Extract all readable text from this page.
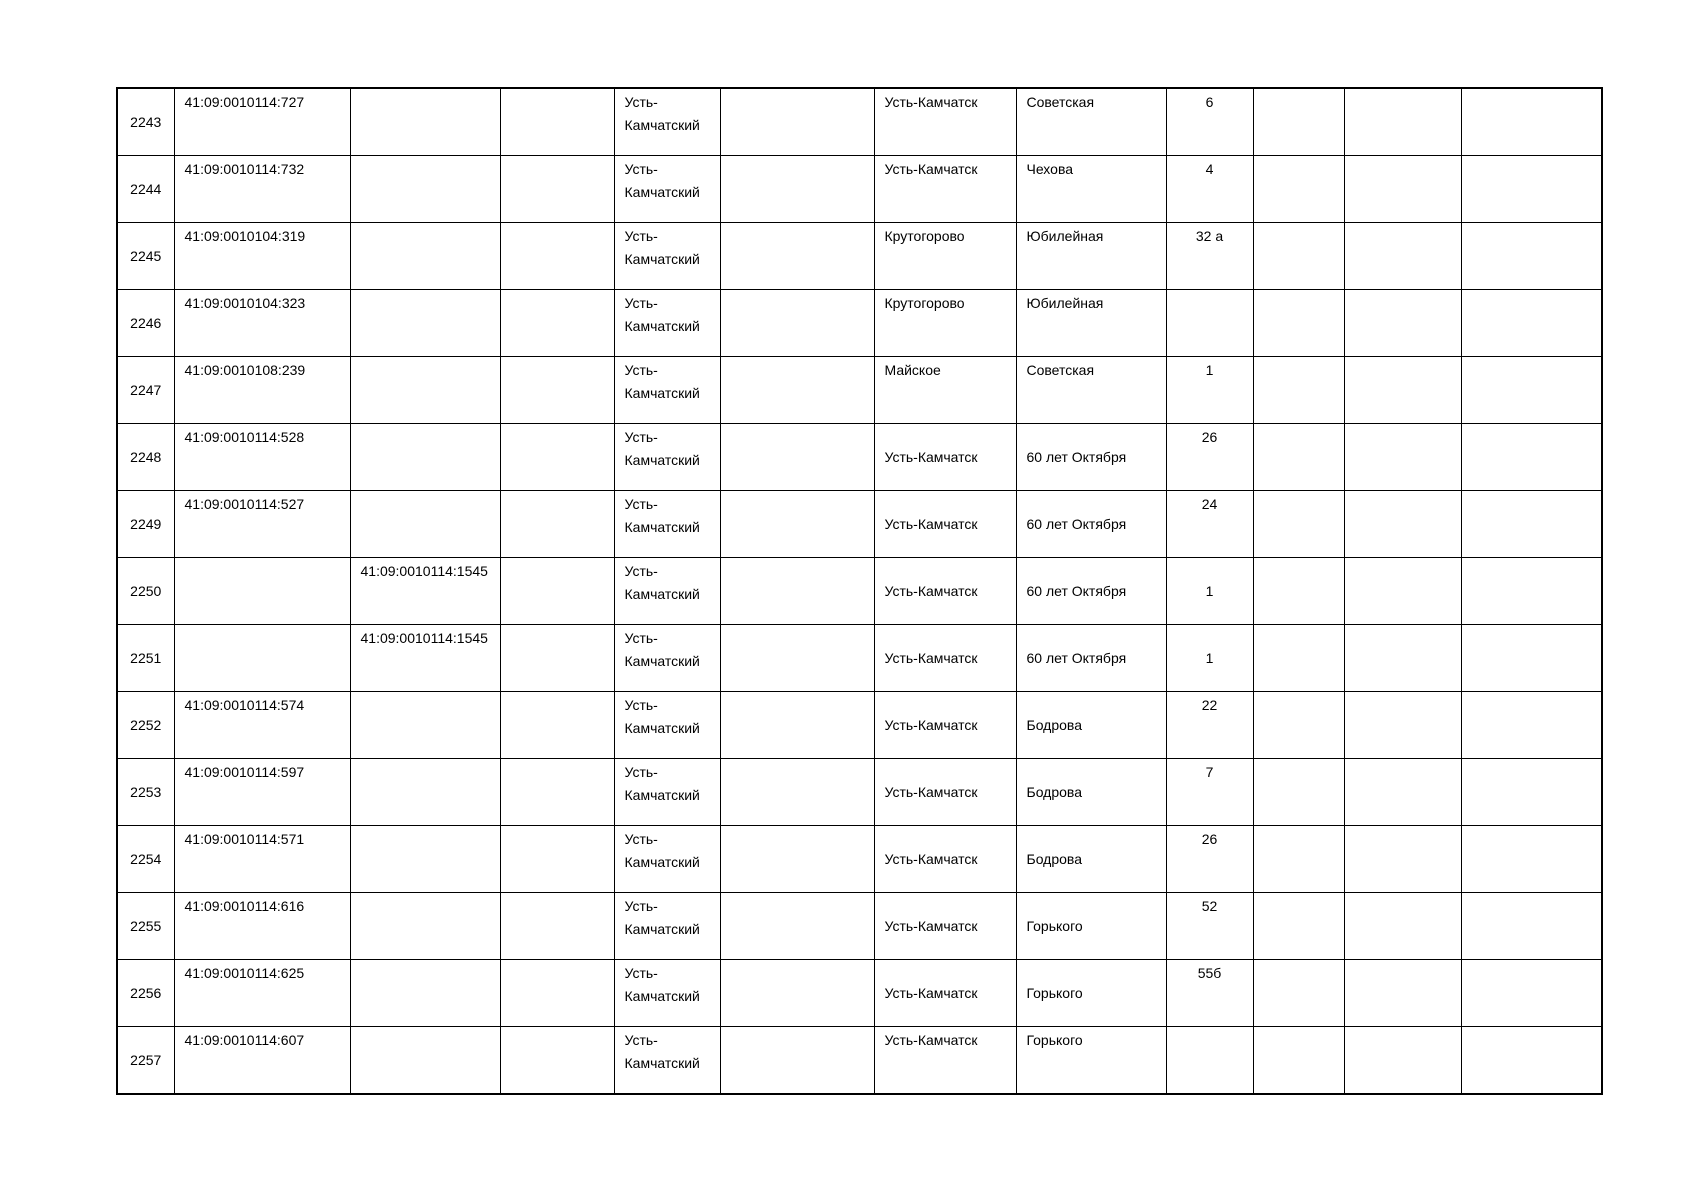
2243	41:09:0010114:727			Усть-Камчатский		Усть-Камчатск	Советская	6			

2244	41:09:0010114:732			Усть-Камчатский		Усть-Камчатск	Чехова	4			

2245	41:09:0010104:319			Усть-Камчатский		Крутогорово	Юбилейная	32 а			

2246	41:09:0010104:323			Усть-Камчатский		Крутогорово	Юбилейная				

2247	41:09:0010108:239			Усть-Камчатский		Майское	Советская	1			

2248	41:09:0010114:528			Усть-Камчатский		Усть-Камчатск	60 лет Октября	26			

2249	41:09:0010114:527			Усть-Камчатский		Усть-Камчатск	60 лет Октября	24			

2250		41:09:0010114:1545		Усть-Камчатский		Усть-Камчатск	60 лет Октября	1			

2251		41:09:0010114:1545		Усть-Камчатский		Усть-Камчатск	60 лет Октября	1			

2252	41:09:0010114:574			Усть-Камчатский		Усть-Камчатск	Бодрова	22			

2253	41:09:0010114:597			Усть-Камчатский		Усть-Камчатск	Бодрова	7			

2254	41:09:0010114:571			Усть-Камчатский		Усть-Камчатск	Бодрова	26			

2255	41:09:0010114:616			Усть-Камчатский		Усть-Камчатск	Горького	52			

2256	41:09:0010114:625			Усть-Камчатский		Усть-Камчатск	Горького	55б			

2257	41:09:0010114:607			Усть-Камчатский		Усть-Камчатск	Горького				
